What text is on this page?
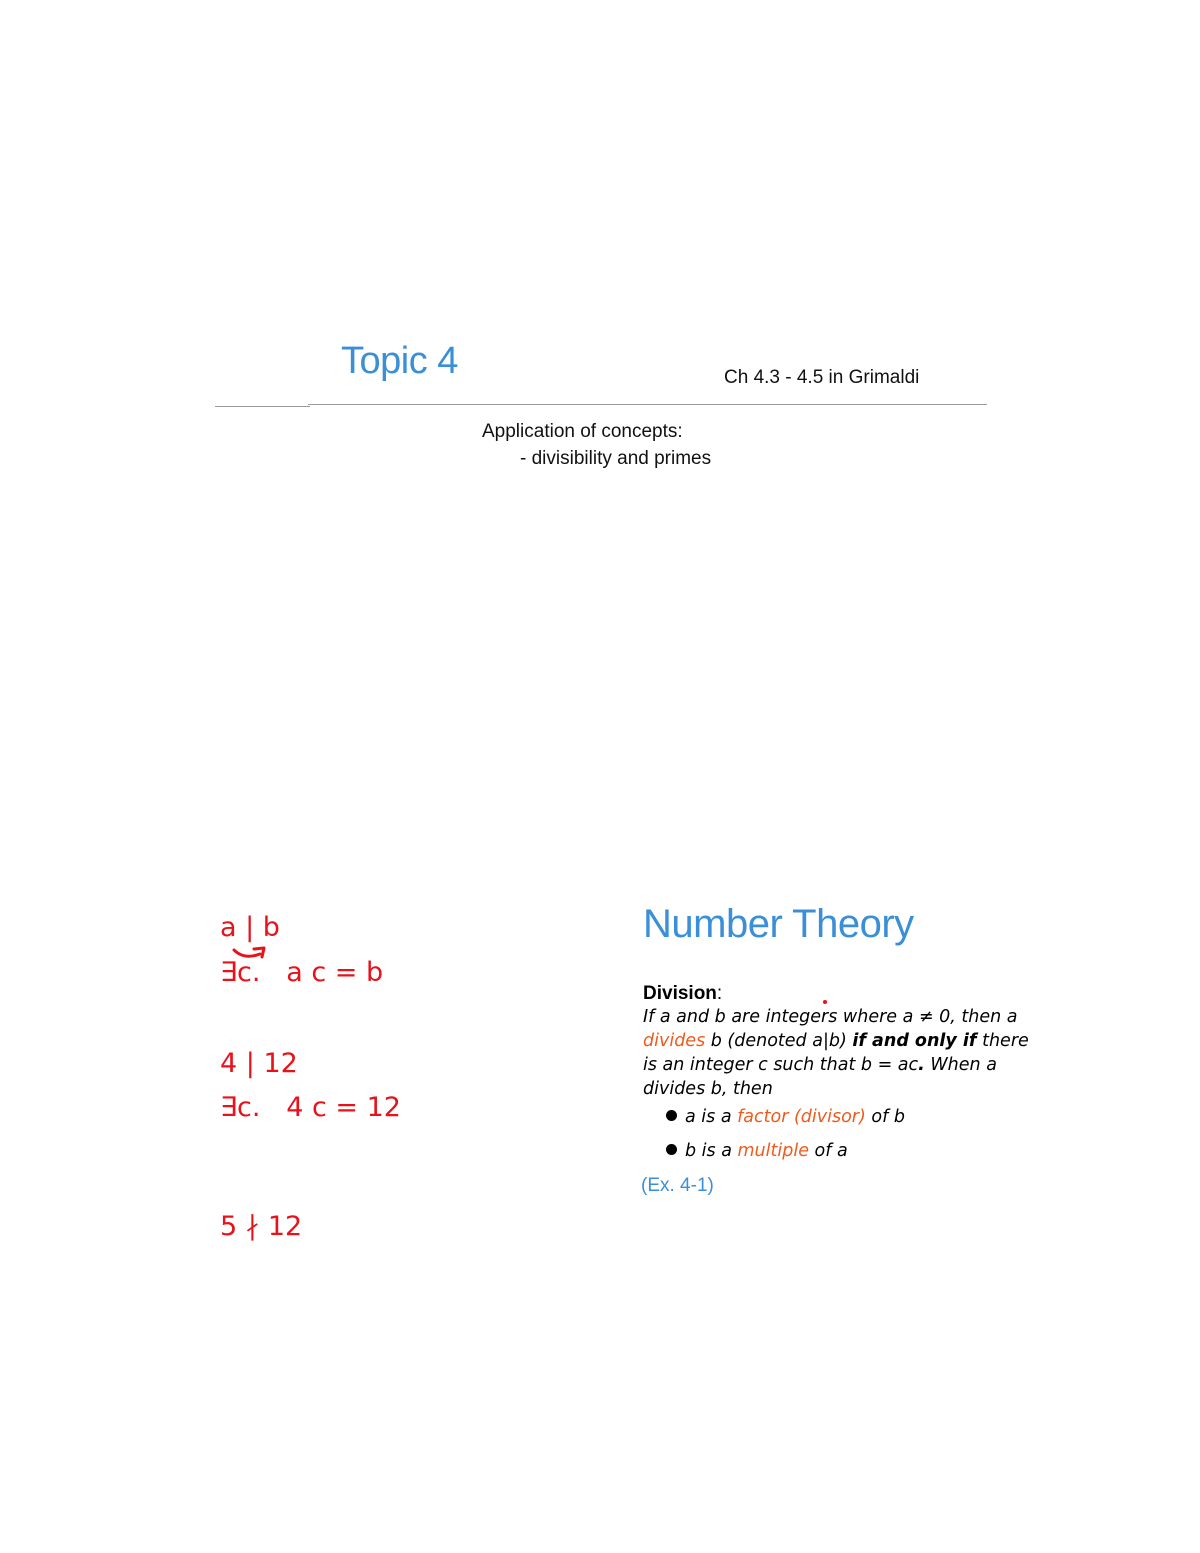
Topic 4	Ch 4.3 - 4.5 in Grimaldi
Application of concepts:
- divisibility and primes
a | b
∃c.   a c = b
4 | 12
∃c.   4 c = 12
5 ∤ 12
Number Theory
Division:
If a and b are integers where a ≠ 0, then a divides b (denoted a|b) if and only if there is an integer c such that b = ac. When a divides b, then
a is a factor (divisor) of b
b is a multiple of a
(Ex. 4-1)
